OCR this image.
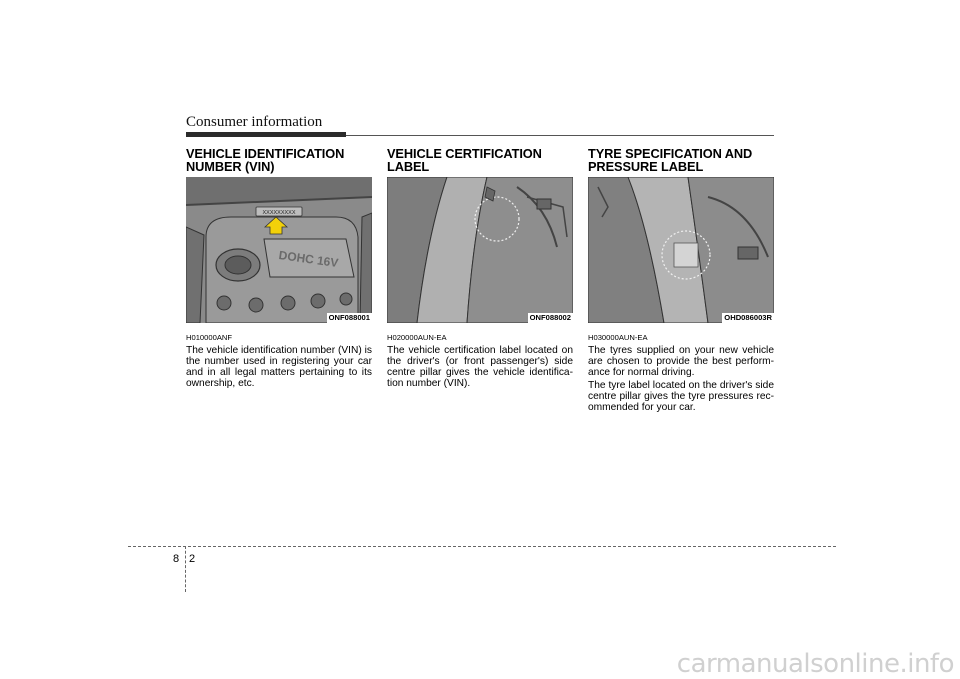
Consumer information
VEHICLE IDENTIFICATION NUMBER (VIN)
XXXXXXXXX
DOHC 16V
ONF088001
H010000ANF

The vehicle identification number (VIN) is the number used in registering your car and in all legal matters pertaining to its ownership, etc.

VEHICLE CERTIFICATION LABEL
ONF088002
H020000AUN-EA

The vehicle certification label located on the driver's (or front passenger's) side centre pillar gives the vehicle identifica-tion number (VIN).

TYRE SPECIFICATION AND PRESSURE LABEL
OHD086003R
H030000AUN-EA

The tyres supplied on your new vehicle are chosen to provide the best perform-ance for normal driving.

The tyre label located on the driver's side centre pillar gives the tyre pressures rec-ommended for your car.

8 2
carmanualsonline.info
